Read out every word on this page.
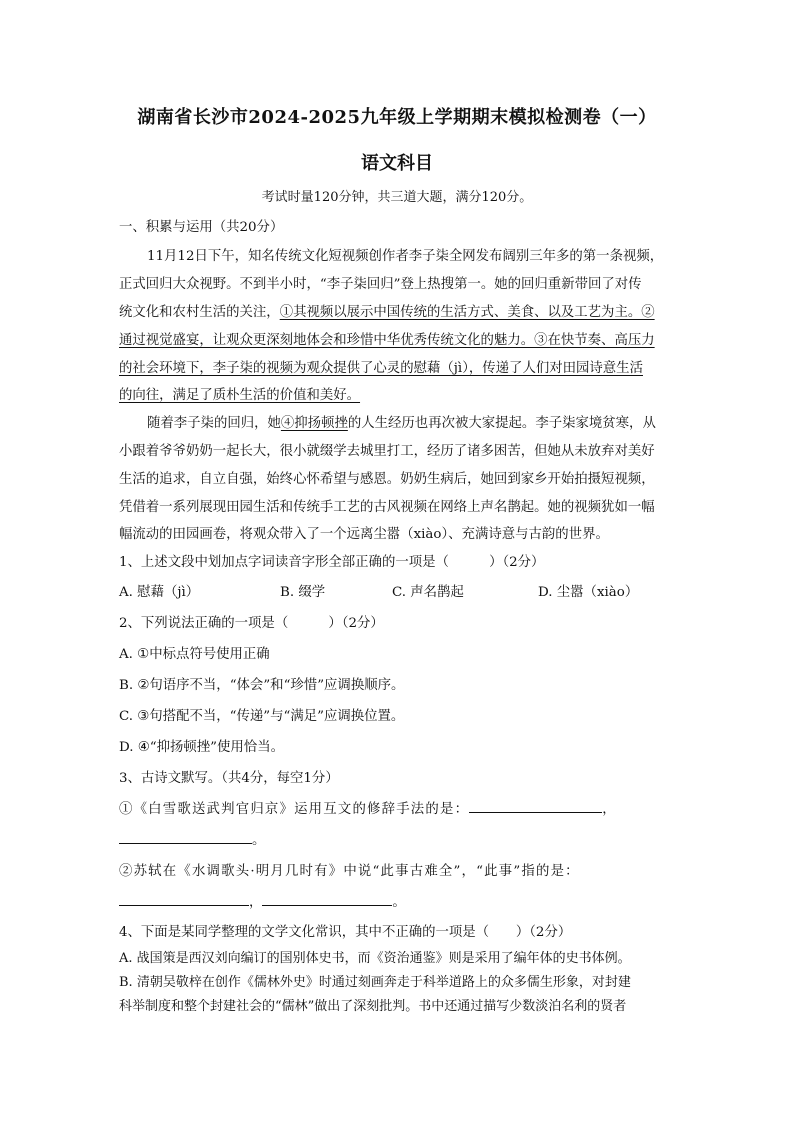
湖南省长沙市2024-2025九年级上学期期末模拟检测卷（一）
语文科目
考试时量120分钟，共三道大题，满分120分。
一、积累与运用（共20分）
11月12日下午，知名传统文化短视频创作者李子柒全网发布阔别三年多的第一条视频，
正式回归大众视野。不到半小时，“李子柒回归”登上热搜第一。她的回归重新带回了对传
统文化和农村生活的关注，①其视频以展示中国传统的生活方式、美食、以及工艺为主。②
通过视觉盛宴，让观众更深刻地体会和珍惜中华优秀传统文化的魅力。③在快节奏、高压力
的社会环境下，李子柒的视频为观众提供了心灵的慰藉（jì），传递了人们对田园诗意生活
的向往，满足了质朴生活的价值和美好。
随着李子柒的回归，她④抑扬顿挫的人生经历也再次被大家提起。李子柒家境贫寒，从
小跟着爷爷奶奶一起长大，很小就缀学去城里打工，经历了诸多困苦，但她从未放弃对美好
生活的追求，自立自强，始终心怀希望与感恩。奶奶生病后，她回到家乡开始拍摄短视频，
凭借着一系列展现田园生活和传统手工艺的古风视频在网络上声名鹊起。她的视频犹如一幅
幅流动的田园画卷，将观众带入了一个远离尘嚣（xiào）、充满诗意与古韵的世界。
1、上述文段中划加点字词读音字形全部正确的一项是（　　　）（2分）
A. 慰藉（jì）	B. 缀学	C. 声名鹊起	D. 尘嚣（xiào）
2、下列说法正确的一项是（　　　）（2分）
A. ①中标点符号使用正确
B. ②句语序不当，“体会”和“珍惜”应调换顺序。
C. ③句搭配不当，“传递”与“满足”应调换位置。
D. ④“抑扬顿挫”使用恰当。
3、古诗文默写。（共4分，每空1分）
①《白雪歌送武判官归京》运用互文的修辞手法的是：	，
。
②苏轼在《水调歌头·明月几时有》中说“此事古难全”，“此事”指的是：
，	。
4、下面是某同学整理的文学文化常识，其中不正确的一项是（　　）（2分）
A. 战国策是西汉刘向编订的国别体史书，而《资治通鉴》则是采用了编年体的史书体例。
B. 清朝吴敬梓在创作《儒林外史》时通过刻画奔走于科举道路上的众多儒生形象，对封建
科举制度和整个封建社会的“儒林”做出了深刻批判。书中还通过描写少数淡泊名利的贤者
